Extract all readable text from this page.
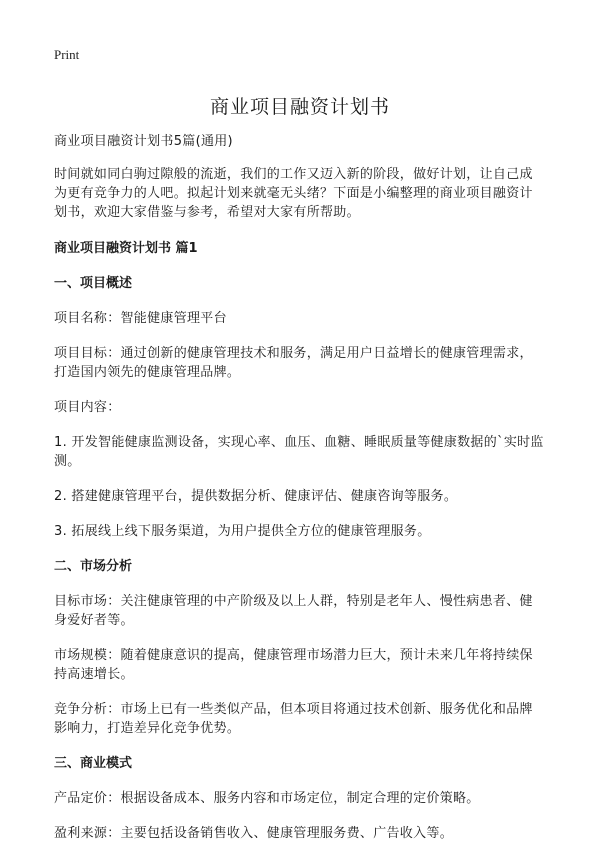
Print
商业项目融资计划书

商业项目融资计划书5篇(通用)

时间就如同白驹过隙般的流逝，我们的工作又迈入新的阶段，做好计划，让自己成为更有竞争力的人吧。拟起计划来就毫无头绪？下面是小编整理的商业项目融资计划书，欢迎大家借鉴与参考，希望对大家有所帮助。

商业项目融资计划书 篇1
一、项目概述

项目名称：智能健康管理平台

项目目标：通过创新的健康管理技术和服务，满足用户日益增长的健康管理需求，打造国内领先的健康管理品牌。

项目内容：

1. 开发智能健康监测设备，实现心率、血压、血糖、睡眠质量等健康数据的`实时监测。

2. 搭建健康管理平台，提供数据分析、健康评估、健康咨询等服务。

3. 拓展线上线下服务渠道，为用户提供全方位的健康管理服务。

二、市场分析

目标市场：关注健康管理的中产阶级及以上人群，特别是老年人、慢性病患者、健身爱好者等。

市场规模：随着健康意识的提高，健康管理市场潜力巨大，预计未来几年将持续保持高速增长。

竞争分析：市场上已有一些类似产品，但本项目将通过技术创新、服务优化和品牌影响力，打造差异化竞争优势。

三、商业模式

产品定价：根据设备成本、服务内容和市场定位，制定合理的定价策略。

盈利来源：主要包括设备销售收入、健康管理服务费、广告收入等。
